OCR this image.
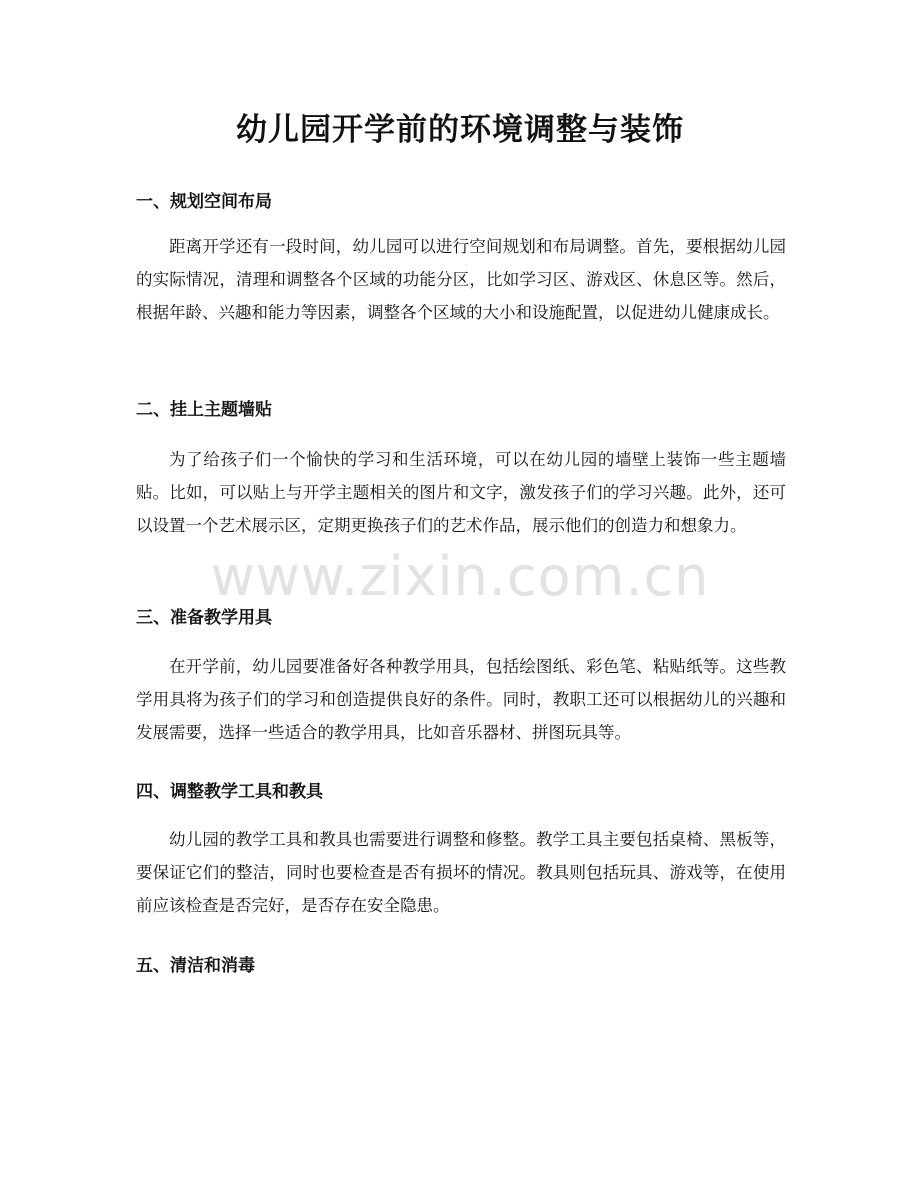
幼儿园开学前的环境调整与装饰
一、规划空间布局

距离开学还有一段时间，幼儿园可以进行空间规划和布局调整。首先，要根据幼儿园的实际情况，清理和调整各个区域的功能分区，比如学习区、游戏区、休息区等。然后，根据年龄、兴趣和能力等因素，调整各个区域的大小和设施配置，以促进幼儿健康成长。

二、挂上主题墙贴

为了给孩子们一个愉快的学习和生活环境，可以在幼儿园的墙壁上装饰一些主题墙贴。比如，可以贴上与开学主题相关的图片和文字，激发孩子们的学习兴趣。此外，还可以设置一个艺术展示区，定期更换孩子们的艺术作品，展示他们的创造力和想象力。

三、准备教学用具

在开学前，幼儿园要准备好各种教学用具，包括绘图纸、彩色笔、粘贴纸等。这些教学用具将为孩子们的学习和创造提供良好的条件。同时，教职工还可以根据幼儿的兴趣和发展需要，选择一些适合的教学用具，比如音乐器材、拼图玩具等。

四、调整教学工具和教具

幼儿园的教学工具和教具也需要进行调整和修整。教学工具主要包括桌椅、黑板等，要保证它们的整洁，同时也要检查是否有损坏的情况。教具则包括玩具、游戏等，在使用前应该检查是否完好，是否存在安全隐患。

五、清洁和消毒
www.zixin.com.cn
